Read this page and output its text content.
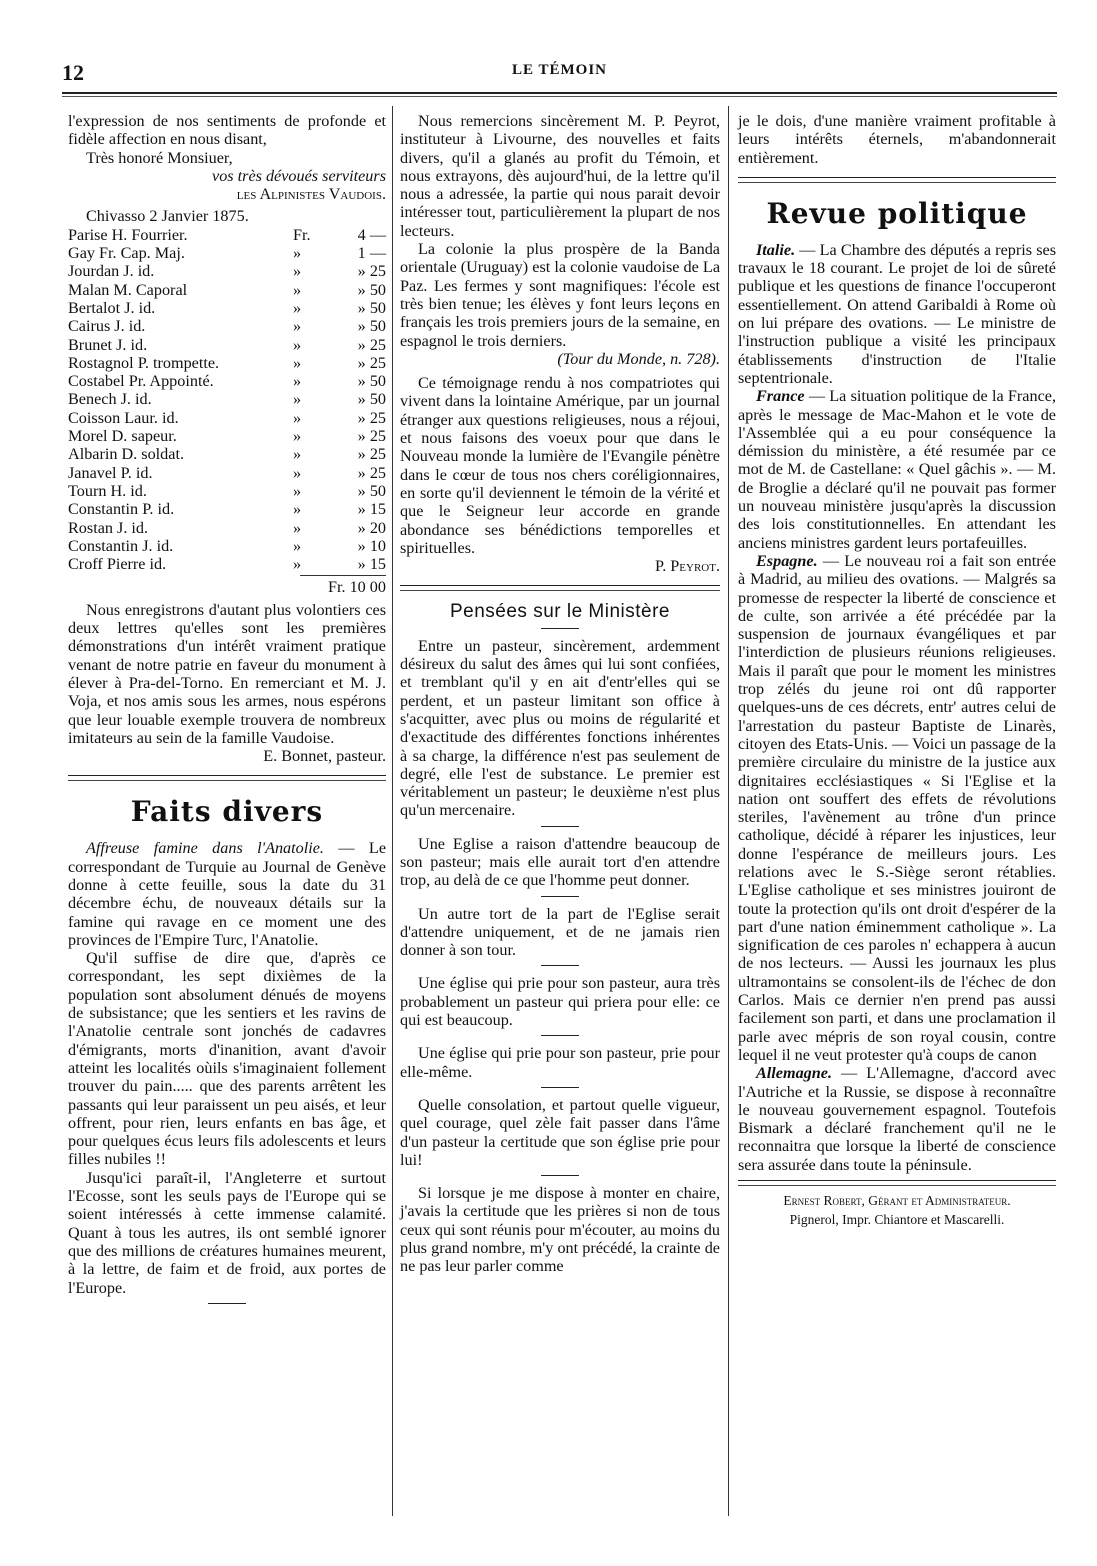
12	LE TÉMOIN

l'expression de nos sentiments de profonde et fidèle affection en nous disant,

Très honoré Monsiuer,

vos très dévoués serviteurs

les Alpinistes Vaudois.

Chivasso 2 Janvier 1875.

Parise H. Fourrier.	Fr.	4 —
Gay Fr. Cap. Maj.	»	1 —
Jourdan J. id.	»	» 25
Malan M. Caporal	»	» 50
Bertalot J. id.	»	» 50
Cairus J. id.	»	» 50
Brunet J. id.	»	» 25
Rostagnol P. trompette.	»	» 25
Costabel Pr. Appointé.	»	» 50
Benech J. id.	»	» 50
Coisson Laur. id.	»	» 25
Morel D. sapeur.	»	» 25
Albarin D. soldat.	»	» 25
Janavel P. id.	»	» 25
Tourn H. id.	»	» 50
Constantin P. id.	»	» 15
Rostan J. id.	»	» 20
Constantin J. id.	»	» 10
Croff Pierre id.	»	» 15
Fr. 10 00

Nous enregistrons d'autant plus volontiers ces deux lettres qu'elles sont les premières démonstrations d'un intérêt vraiment pratique venant de notre patrie en faveur du monument à élever à Pra-del-Torno. En remerciant et M. J. Voja, et nos amis sous les armes, nous espérons que leur louable exemple trouvera de nombreux imitateurs au sein de la famille Vaudoise.

E. Bonnet, pasteur.

Faits divers

Affreuse famine dans l'Anatolie. — Le correspondant de Turquie au Journal de Genève donne à cette feuille, sous la date du 31 décembre échu, de nouveaux détails sur la famine qui ravage en ce moment une des provinces de l'Empire Turc, l'Anatolie.

Qu'il suffise de dire que, d'après ce correspondant, les sept dixièmes de la population sont absolument dénués de moyens de subsistance; que les sentiers et les ravins de l'Anatolie centrale sont jonchés de cadavres d'émigrants, morts d'inanition, avant d'avoir atteint les localités oùils s'imaginaient follement trouver du pain..... que des parents arrêtent les passants qui leur paraissent un peu aisés, et leur offrent, pour rien, leurs enfants en bas âge, et pour quelques écus leurs fils adolescents et leurs filles nubiles !!

Jusqu'ici paraît-il, l'Angleterre et surtout l'Ecosse, sont les seuls pays de l'Europe qui se soient intéressés à cette immense calamité. Quant à tous les autres, ils ont semblé ignorer que des millions de créatures humaines meurent, à la lettre, de faim et de froid, aux portes de l'Europe.

Nous remercions sincèrement M. P. Peyrot, instituteur à Livourne, des nouvelles et faits divers, qu'il a glanés au profit du Témoin, et nous extrayons, dès aujourd'hui, de la lettre qu'il nous a adressée, la partie qui nous parait devoir intéresser tout, particulièrement la plupart de nos lecteurs.

La colonie la plus prospère de la Banda orientale (Uruguay) est la colonie vaudoise de La Paz. Les fermes y sont magnifiques: l'école est très bien tenue; les élèves y font leurs leçons en français les trois premiers jours de la semaine, en espagnol le trois derniers.

(Tour du Monde, n. 728).

Ce témoignage rendu à nos compatriotes qui vivent dans la lointaine Amérique, par un journal étranger aux questions religieuses, nous a réjoui, et nous faisons des voeux pour que dans le Nouveau monde la lumière de l'Evangile pénètre dans le cœur de tous nos chers coréligionnaires, en sorte qu'il deviennent le témoin de la vérité et que le Seigneur leur accorde en grande abondance ses bénédictions temporelles et spirituelles.

P. Peyrot.

Pensées sur le Ministère

Entre un pasteur, sincèrement, ardemment désireux du salut des âmes qui lui sont confiées, et tremblant qu'il y en ait d'entr'elles qui se perdent, et un pasteur limitant son office à s'acquitter, avec plus ou moins de régularité et d'exactitude des différentes fonctions inhérentes à sa charge, la différence n'est pas seulement de degré, elle l'est de substance. Le premier est véritablement un pasteur; le deuxième n'est plus qu'un mercenaire.

Une Eglise a raison d'attendre beaucoup de son pasteur; mais elle aurait tort d'en attendre trop, au delà de ce que l'homme peut donner.

Un autre tort de la part de l'Eglise serait d'attendre uniquement, et de ne jamais rien donner à son tour.

Une église qui prie pour son pasteur, aura très probablement un pasteur qui priera pour elle: ce qui est beaucoup.

Une église qui prie pour son pasteur, prie pour elle-même.

Quelle consolation, et partout quelle vigueur, quel courage, quel zèle fait passer dans l'âme d'un pasteur la certitude que son église prie pour lui!

Si lorsque je me dispose à monter en chaire, j'avais la certitude que les prières si non de tous ceux qui sont réunis pour m'écouter, au moins du plus grand nombre, m'y ont précédé, la crainte de ne pas leur parler comme

je le dois, d'une manière vraiment profitable à leurs intérêts éternels, m'abandonnerait entièrement.

Revue politique

Italie. — La Chambre des députés a repris ses travaux le 18 courant. Le projet de loi de sûreté publique et les questions de finance l'occuperont essentiellement. On attend Garibaldi à Rome où on lui prépare des ovations. — Le ministre de l'instruction publique a visité les principaux établissements d'instruction de l'Italie septentrionale.

France — La situation politique de la France, après le message de Mac-Mahon et le vote de l'Assemblée qui a eu pour conséquence la démission du ministère, a été resumée par ce mot de M. de Castellane: « Quel gâchis ». — M. de Broglie a déclaré qu'il ne pouvait pas former un nouveau ministère jusqu'après la discussion des lois constitutionnelles. En attendant les anciens ministres gardent leurs portafeuilles.

Espagne. — Le nouveau roi a fait son entrée à Madrid, au milieu des ovations. — Malgrés sa promesse de respecter la liberté de conscience et de culte, son arrivée a été précédée par la suspension de journaux évangéliques et par l'interdiction de plusieurs réunions religieuses. Mais il paraît que pour le moment les ministres trop zélés du jeune roi ont dû rapporter quelques-uns de ces décrets, entr' autres celui de l'arrestation du pasteur Baptiste de Linarès, citoyen des Etats-Unis. — Voici un passage de la première circulaire du ministre de la justice aux dignitaires ecclésiastiques « Si l'Eglise et la nation ont souffert des effets de révolutions steriles, l'avènement au trône d'un prince catholique, décidé à réparer les injustices, leur donne l'espérance de meilleurs jours. Les relations avec le S.-Siège seront rétablies. L'Eglise catholique et ses ministres jouiront de toute la protection qu'ils ont droit d'espérer de la part d'une nation éminemment catholique ». La signification de ces paroles n' echappera à aucun de nos lecteurs. — Aussi les journaux les plus ultramontains se consolent-ils de l'échec de don Carlos. Mais ce dernier n'en prend pas aussi facilement son parti, et dans une proclamation il parle avec mépris de son royal cousin, contre lequel il ne veut protester qu'à coups de canon

Allemagne. — L'Allemagne, d'accord avec l'Autriche et la Russie, se dispose à reconnaître le nouveau gouvernement espagnol. Toutefois Bismark a déclaré franchement qu'il ne le reconnaitra que lorsque la liberté de conscience sera assurée dans toute la péninsule.

Ernest Robert, Gérant et Administrateur.
Pignerol, Impr. Chiantore et Mascarelli.
